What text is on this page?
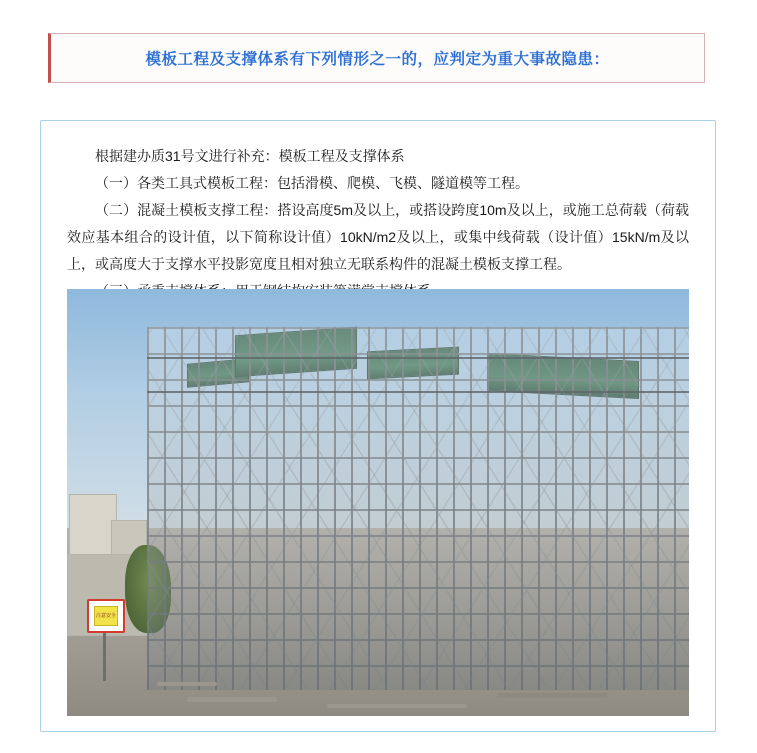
模板工程及支撑体系有下列情形之一的，应判定为重大事故隐患：

根据建办质31号文进行补充：模板工程及支撑体系

（一）各类工具式模板工程：包括滑模、爬模、飞模、隧道模等工程。

（二）混凝土模板支撑工程：搭设高度5m及以上，或搭设跨度10m及以上，或施工总荷载（荷载效应基本组合的设计值，以下简称设计值）10kN/m2及以上，或集中线荷载（设计值）15kN/m及以上，或高度大于支撑水平投影宽度且相对独立无联系构件的混凝土模板支撑工程。

注意安全
